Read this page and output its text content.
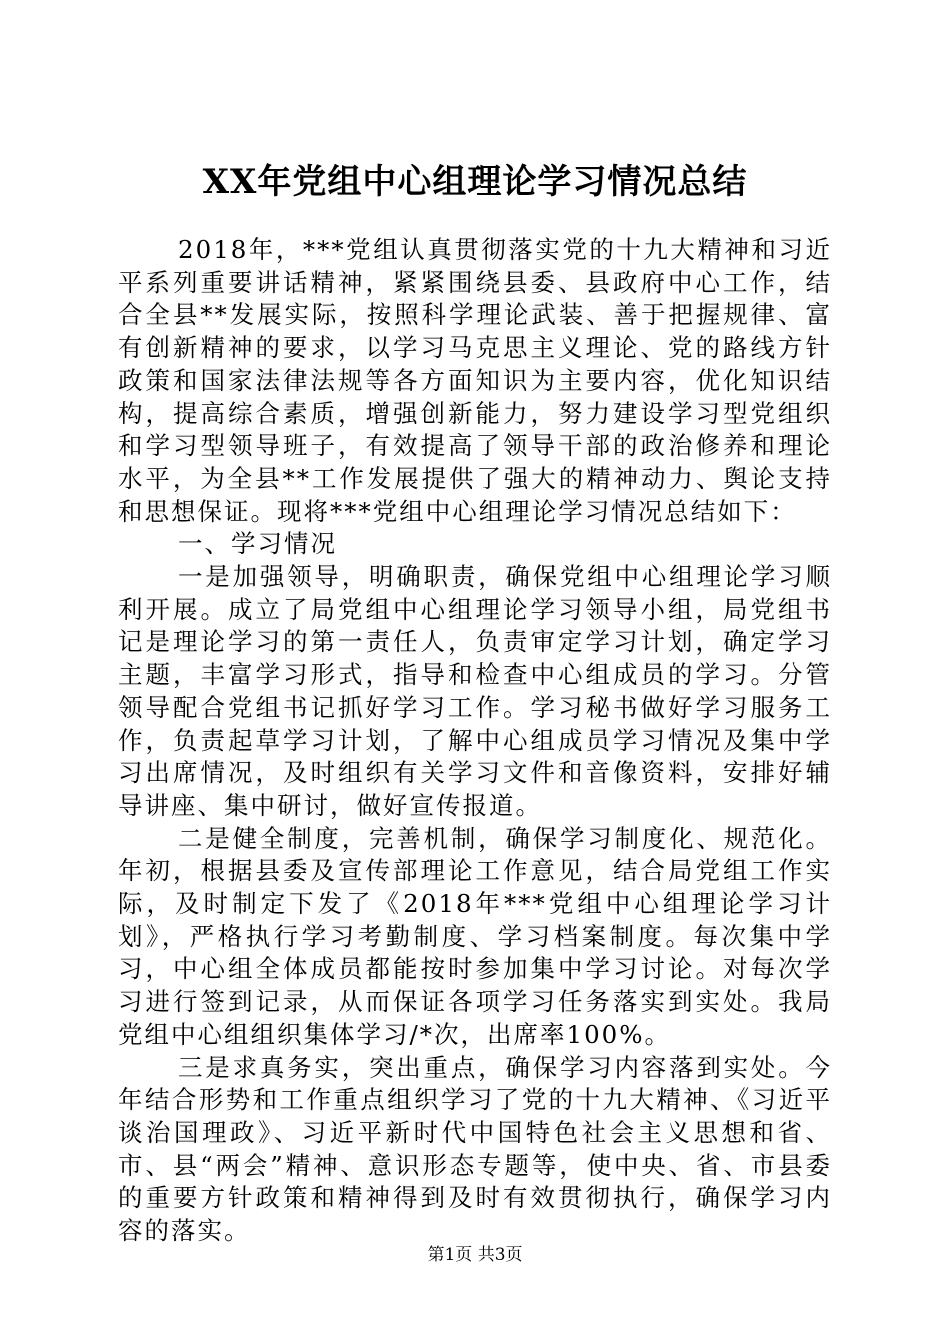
XX年党组中心组理论学习情况总结

2018年，***党组认真贯彻落实党的十九大精神和习近平系列重要讲话精神，紧紧围绕县委、县政府中心工作，结合全县**发展实际，按照科学理论武装、善于把握规律、富有创新精神的要求，以学习马克思主义理论、党的路线方针政策和国家法律法规等各方面知识为主要内容，优化知识结构，提高综合素质，增强创新能力，努力建设学习型党组织和学习型领导班子，有效提高了领导干部的政治修养和理论水平，为全县**工作发展提供了强大的精神动力、舆论支持和思想保证。现将***党组中心组理论学习情况总结如下：

一、学习情况

一是加强领导，明确职责，确保党组中心组理论学习顺利开展。成立了局党组中心组理论学习领导小组，局党组书记是理论学习的第一责任人，负责审定学习计划，确定学习主题，丰富学习形式，指导和检查中心组成员的学习。分管领导配合党组书记抓好学习工作。学习秘书做好学习服务工作，负责起草学习计划，了解中心组成员学习情况及集中学习出席情况，及时组织有关学习文件和音像资料，安排好辅导讲座、集中研讨，做好宣传报道。

二是健全制度，完善机制，确保学习制度化、规范化。年初，根据县委及宣传部理论工作意见，结合局党组工作实际，及时制定下发了《2018年***党组中心组理论学习计划》，严格执行学习考勤制度、学习档案制度。每次集中学习，中心组全体成员都能按时参加集中学习讨论。对每次学习进行签到记录，从而保证各项学习任务落实到实处。我局党组中心组组织集体学习/*次，出席率100%。

三是求真务实，突出重点，确保学习内容落到实处。今年结合形势和工作重点组织学习了党的十九大精神、《习近平谈治国理政》、习近平新时代中国特色社会主义思想和省、市、县“两会”精神、意识形态专题等，使中央、省、市县委的重要方针政策和精神得到及时有效贯彻执行，确保学习内容的落实。

第1页 共3页
